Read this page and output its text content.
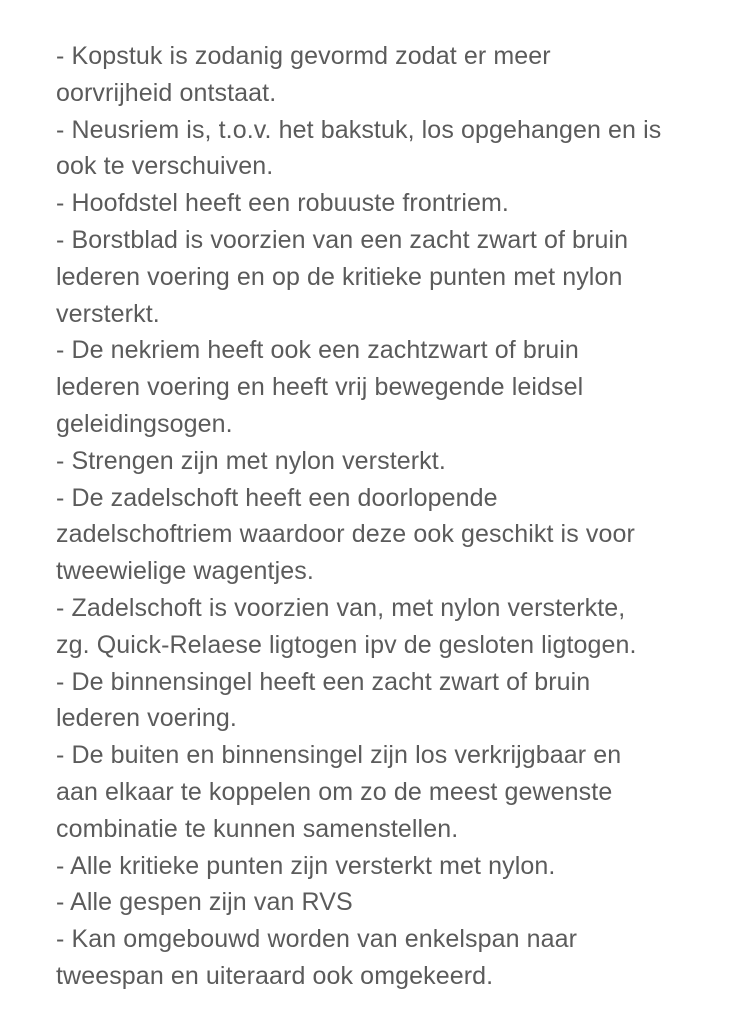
- Kopstuk is zodanig gevormd zodat er meer
oorvrijheid ontstaat.
- Neusriem is, t.o.v. het bakstuk, los opgehangen en is
ook te verschuiven.
- Hoofdstel heeft een robuuste frontriem.
- Borstblad is voorzien van een zacht zwart of bruin
lederen voering en op de kritieke punten met nylon
versterkt.
- De nekriem heeft ook een zachtzwart of bruin
lederen voering en heeft vrij bewegende leidsel
geleidingsogen.
- Strengen zijn met nylon versterkt.
- De zadelschoft heeft een doorlopende
zadelschoftriem waardoor deze ook geschikt is voor
tweewielige wagentjes.
- Zadelschoft is voorzien van, met nylon versterkte,
zg. Quick-Relaese ligtogen ipv de gesloten ligtogen.
- De binnensingel heeft een zacht zwart of bruin
lederen voering.
- De buiten en binnensingel zijn los verkrijgbaar en
aan elkaar te koppelen om zo de meest gewenste
combinatie te kunnen samenstellen.
- Alle kritieke punten zijn versterkt met nylon.
- Alle gespen zijn van RVS
- Kan omgebouwd worden van enkelspan naar
tweespan en uiteraard ook omgekeerd.
